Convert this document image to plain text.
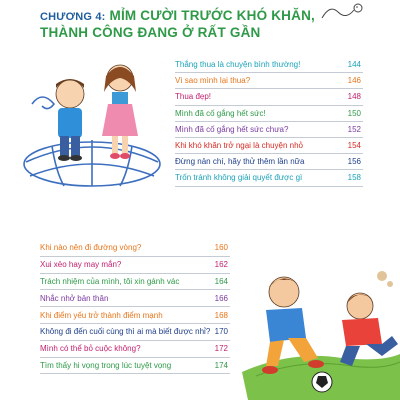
CHƯƠNG 4: MỈM CƯỜI TRƯỚC KHÓ KHĂN,
THÀNH CÔNG ĐANG Ở RẤT GẦN
Thắng thua là chuyện bình thường!	144
Vì sao mình lại thua?	146
Thua đẹp!	148
Mình đã cố gắng hết sức!	150
Mình đã cố gắng hết sức chưa?	152
Khi khó khăn trở ngại là chuyện nhỏ	154
Đừng nản chí, hãy thử thêm lần nữa	156
Trốn tránh không giải quyết được gì	158
Khi nào nên đi đường vòng?	160
Xui xẻo hay may mắn?	162
Trách nhiệm của mình, tôi xin gánh vác	164
Nhắc nhở bản thân	166
Khi điểm yếu trở thành điểm mạnh	168
Không đi đến cuối cùng thì ai mà biết được nhỉ? 170
Mình có thể bỏ cuộc không?	172
Tìm thấy hi vọng trong lúc tuyệt vọng	174
